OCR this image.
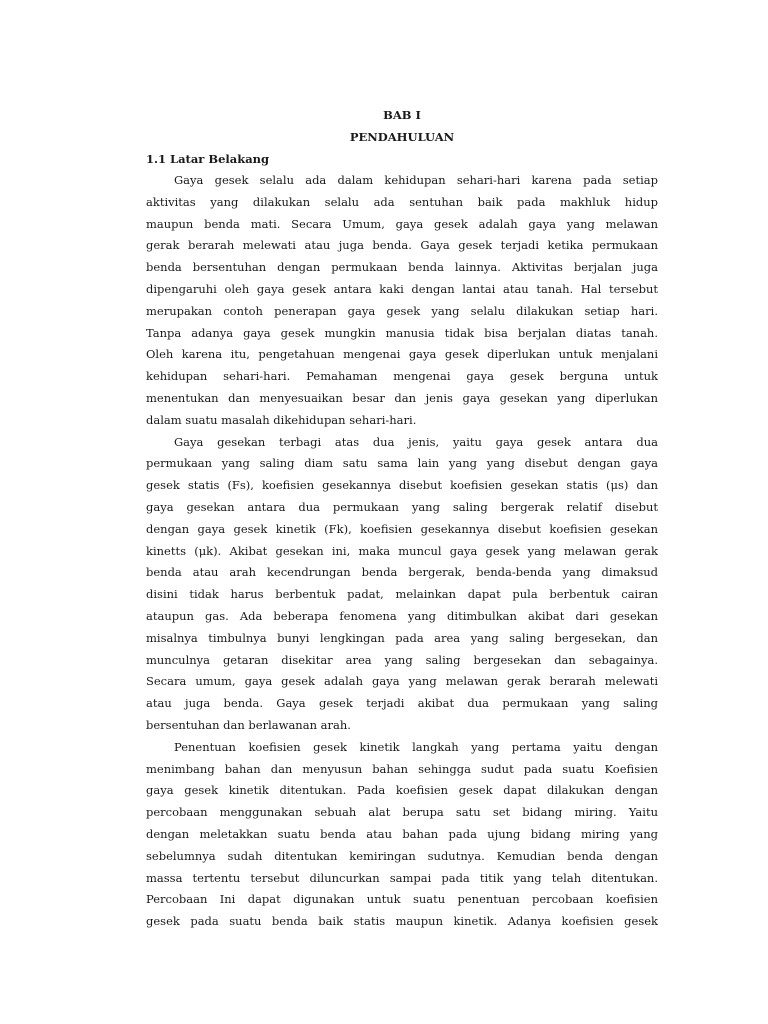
BAB I

PENDAHULUAN

1.1 Latar Belakang

Gaya gesek selalu ada dalam kehidupan sehari-hari karena pada setiap
aktivitas yang dilakukan selalu ada sentuhan baik pada makhluk hidup
maupun benda mati. Secara Umum, gaya gesek adalah gaya yang melawan
gerak berarah melewati atau juga benda. Gaya gesek terjadi ketika permukaan
benda bersentuhan dengan permukaan benda lainnya. Aktivitas berjalan juga
dipengaruhi oleh gaya gesek antara kaki dengan lantai atau tanah. Hal tersebut
merupakan contoh penerapan gaya gesek yang selalu dilakukan setiap hari.
Tanpa adanya gaya gesek mungkin manusia tidak bisa berjalan diatas tanah.
Oleh karena itu, pengetahuan mengenai gaya gesek diperlukan untuk menjalani
kehidupan sehari-hari. Pemahaman mengenai gaya gesek berguna untuk
menentukan dan menyesuaikan besar dan jenis gaya gesekan yang diperlukan
dalam suatu masalah dikehidupan sehari-hari.
Gaya gesekan terbagi atas dua jenis, yaitu gaya gesek antara dua
permukaan yang saling diam satu sama lain yang yang disebut dengan gaya
gesek statis (Fs), koefisien gesekannya disebut koefisien gesekan statis (μs) dan
gaya gesekan antara dua permukaan yang saling bergerak relatif disebut
dengan gaya gesek kinetik (Fk), koefisien gesekannya disebut koefisien gesekan
kinetts (μk). Akibat gesekan ini, maka muncul gaya gesek yang melawan gerak
benda atau arah kecendrungan benda bergerak, benda-benda yang dimaksud
disini tidak harus berbentuk padat, melainkan dapat pula berbentuk cairan
ataupun gas. Ada beberapa fenomena yang ditimbulkan akibat dari gesekan
misalnya timbulnya bunyi lengkingan pada area yang saling bergesekan, dan
munculnya getaran disekitar area yang saling bergesekan dan sebagainya.
Secara umum, gaya gesek adalah gaya yang melawan gerak berarah melewati
atau juga benda. Gaya gesek terjadi akibat dua permukaan yang saling
bersentuhan dan berlawanan arah.
Penentuan koefisien gesek kinetik langkah yang pertama yaitu dengan
menimbang bahan dan menyusun bahan sehingga sudut pada suatu Koefisien
gaya gesek kinetik ditentukan. Pada koefisien gesek dapat dilakukan dengan
percobaan menggunakan sebuah alat berupa satu set bidang miring. Yaitu
dengan meletakkan suatu benda atau bahan pada ujung bidang miring yang
sebelumnya sudah ditentukan kemiringan sudutnya. Kemudian benda dengan
massa tertentu tersebut diluncurkan sampai pada titik yang telah ditentukan.
Percobaan Ini dapat digunakan untuk suatu penentuan percobaan koefisien
gesek pada suatu benda baik statis maupun kinetik. Adanya koefisien gesek
